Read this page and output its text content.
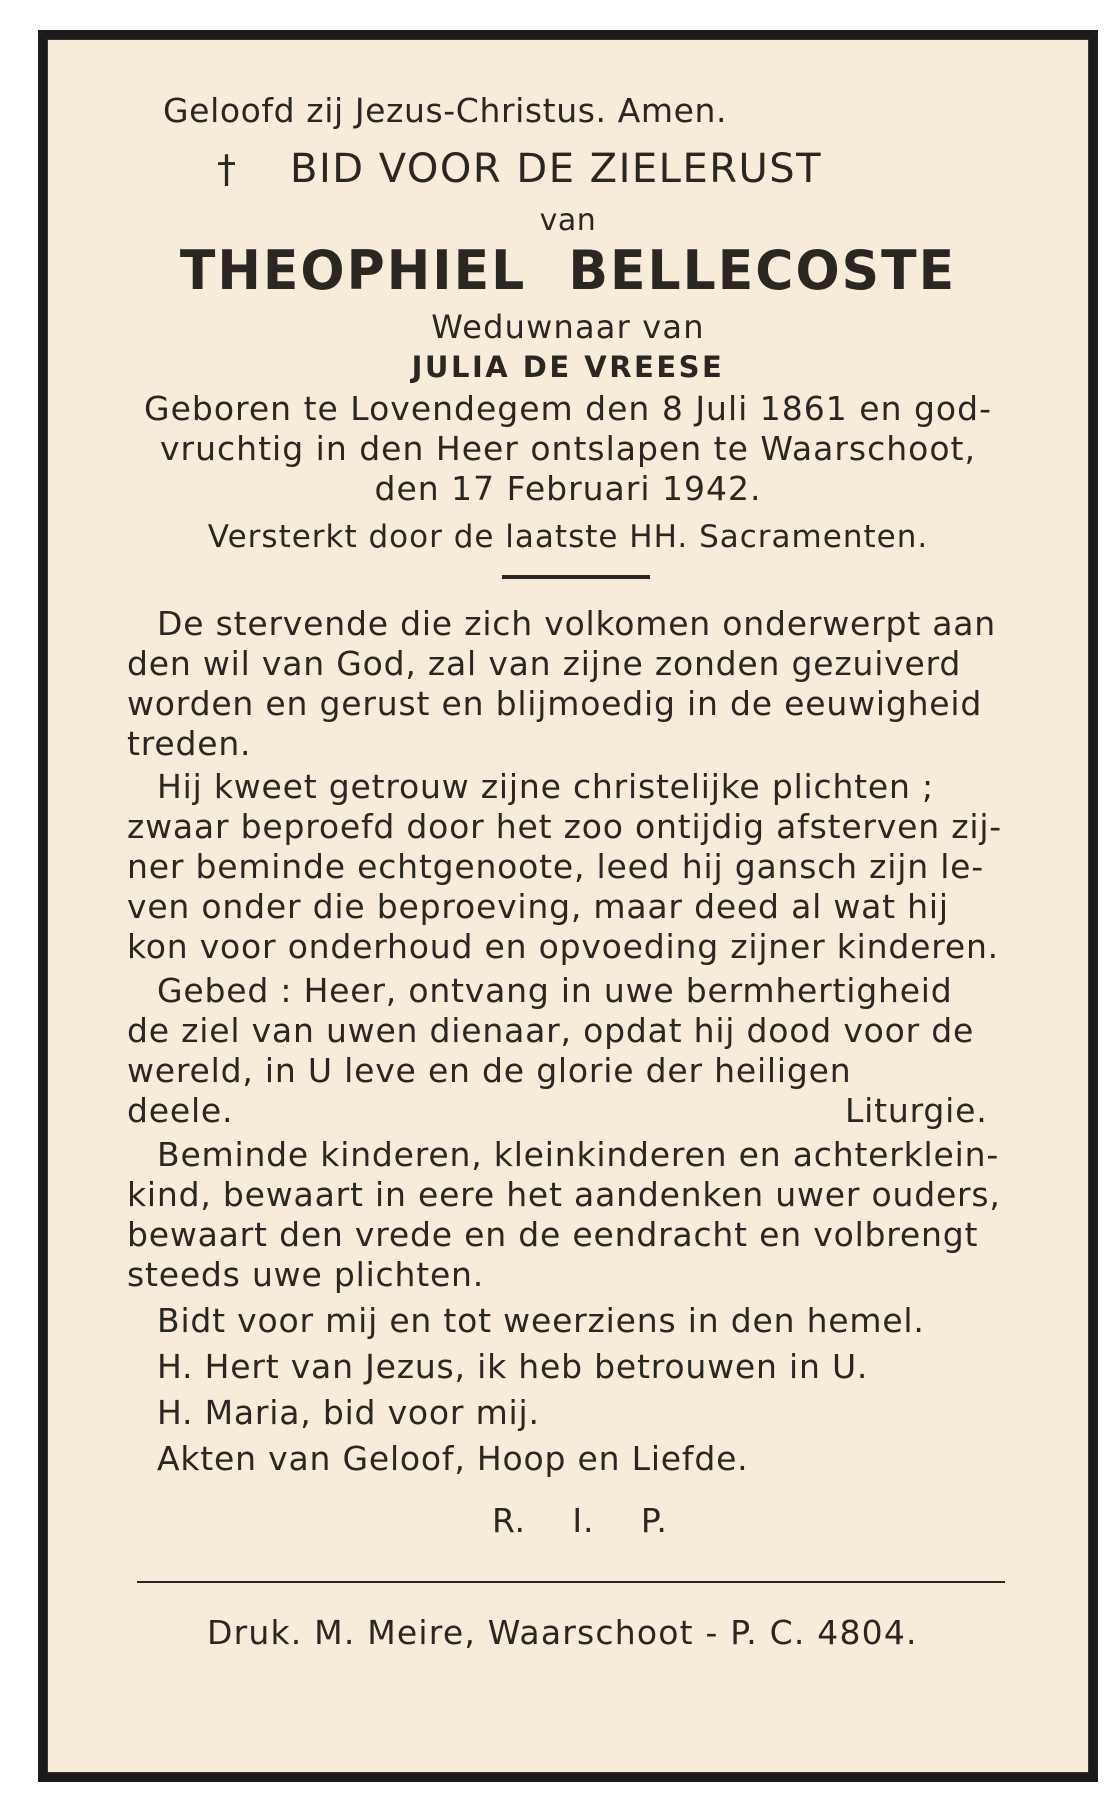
Geloofd zij Jezus-Christus. Amen.
† BID VOOR DE ZIELERUST
van
THEOPHIEL BELLECOSTE
Weduwnaar van
JULIA DE VREESE
Geboren te Lovendegem den 8 Juli 1861 en god-
vruchtig in den Heer ontslapen te Waarschoot,
den 17 Februari 1942.
Versterkt door de laatste HH. Sacramenten.
De stervende die zich volkomen onderwerpt aan
den wil van God, zal van zijne zonden gezuiverd
worden en gerust en blijmoedig in de eeuwigheid
treden.
Hij kweet getrouw zijne christelijke plichten ;
zwaar beproefd door het zoo ontijdig afsterven zij-
ner beminde echtgenoote, leed hij gansch zijn le-
ven onder die beproeving, maar deed al wat hij
kon voor onderhoud en opvoeding zijner kinderen.
Gebed : Heer, ontvang in uwe bermhertigheid
de ziel van uwen dienaar, opdat hij dood voor de
wereld, in U leve en de glorie der heiligen
deele.	Liturgie.
Beminde kinderen, kleinkinderen en achterklein-
kind, bewaart in eere het aandenken uwer ouders,
bewaart den vrede en de eendracht en volbrengt
steeds uwe plichten.
Bidt voor mij en tot weerziens in den hemel.
H. Hert van Jezus, ik heb betrouwen in U.
H. Maria, bid voor mij.
Akten van Geloof, Hoop en Liefde.
R.  I.  P.
Druk. M. Meire, Waarschoot - P. C. 4804.
